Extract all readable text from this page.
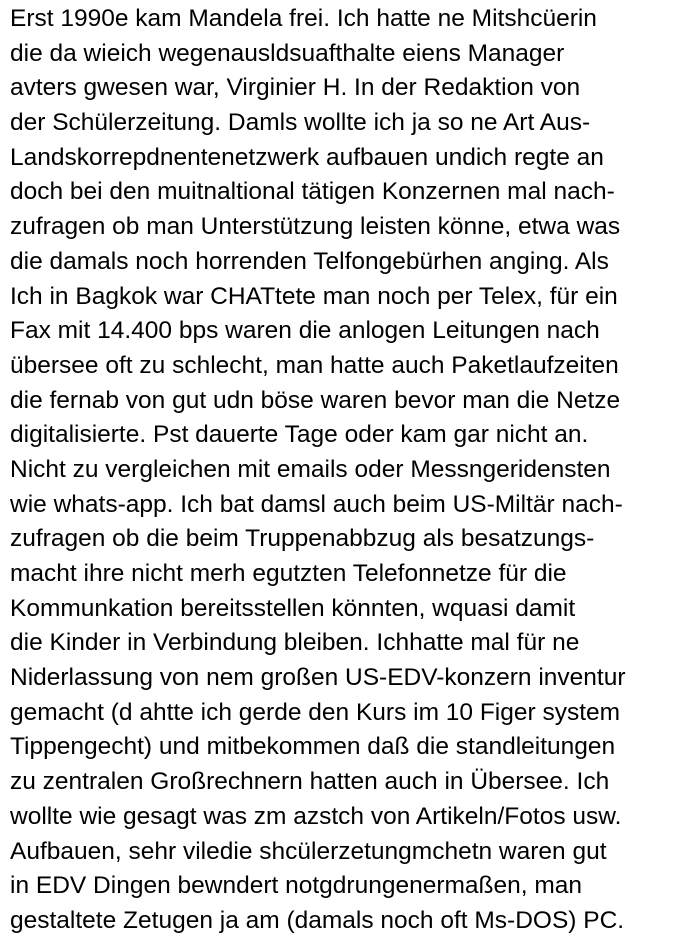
Erst 1990e kam Mandela frei. Ich hatte ne Mitshcüerin
die da wieich wegenausldsuafthalte eiens Manager
avters gwesen war, Virginier H. In der Redaktion von
der Schülerzeitung. Damls wollte ich ja so ne Art Aus-
Landskorrepdnentenetzwerk aufbauen undich regte an
doch bei den muitnaltional tätigen Konzernen mal nach-
zufragen ob man Unterstützung leisten könne, etwa was
die damals noch horrenden Telfongebürhen anging. Als
Ich in Bagkok war CHATtete man noch per Telex, für ein
Fax mit 14.400 bps waren die anlogen Leitungen nach
übersee oft zu schlecht, man hatte auch Paketlaufzeiten
die fernab von gut udn böse waren bevor man die Netze
digitalisierte. Pst dauerte Tage oder kam gar nicht an.
Nicht zu vergleichen mit emails oder Messngeridensten
wie whats-app. Ich bat damsl auch beim US-Miltär nach-
zufragen ob die beim Truppenabbzug als besatzungs-
macht ihre nicht merh egutzten Telefonnetze für die
Kommunkation bereitsstellen könnten, wquasi damit
die Kinder in Verbindung bleiben. Ichhatte mal für ne
Niderlassung von nem großen US-EDV-konzern inventur
gemacht (d ahtte ich gerde den Kurs im 10 Figer system
Tippengecht) und mitbekommen daß die standleitungen
zu zentralen Großrechnern hatten auch in Übersee. Ich
wollte wie gesagt was zm azstch von Artikeln/Fotos usw.
Aufbauen, sehr viledie shcülerzetungmchetn waren gut
in EDV Dingen bewndert notgdrungenermaßen, man
gestaltete Zetugen ja am (damals noch oft Ms-DOS) PC.
